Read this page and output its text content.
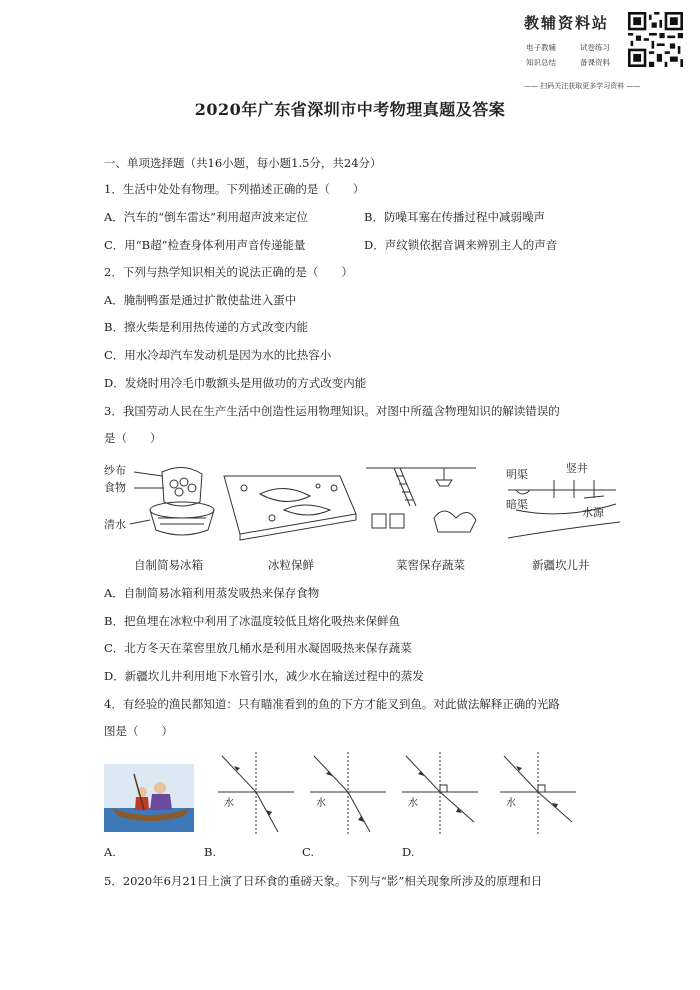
教辅资料站
电子教辅	试卷练习
知识总结	备课资料
—— 扫码关注获取更多学习资料 ——
2020年广东省深圳市中考物理真题及答案
一、单项选择题（共16小题，每小题1.5分，共24分）
1．生活中处处有物理。下列描述正确的是（　　）
A．汽车的“倒车雷达”利用超声波来定位	B．防噪耳塞在传播过程中减弱噪声
C．用“B超”检查身体利用声音传递能量	D．声纹锁依据音调来辨别主人的声音
2．下列与热学知识相关的说法正确的是（　　）
A．腌制鸭蛋是通过扩散使盐进入蛋中
B．擦火柴是利用热传递的方式改变内能
C．用水冷却汽车发动机是因为水的比热容小
D．发烧时用冷毛巾敷额头是用做功的方式改变内能
3．我国劳动人民在生产生活中创造性运用物理知识。对图中所蕴含物理知识的解读错误的
是（　　）
纱布
食物
清水
明渠	竖井
暗渠
水源
自制简易冰箱	冰粒保鲜	菜窖保存蔬菜	新疆坎儿井
A．自制简易冰箱利用蒸发吸热来保存食物
B．把鱼埋在冰粒中利用了冰温度较低且熔化吸热来保鲜鱼
C．北方冬天在菜窖里放几桶水是利用水凝固吸热来保存蔬菜
D．新疆坎儿井利用地下水管引水，减少水在输送过程中的蒸发
4．有经验的渔民都知道：只有瞄准看到的鱼的下方才能叉到鱼。对此做法解释正确的光路
图是（　　）
水	水	水	水
A.	B.	C.	D.
5．2020年6月21日上演了日环食的重磅天象。下列与“影”相关现象所涉及的原理和日
